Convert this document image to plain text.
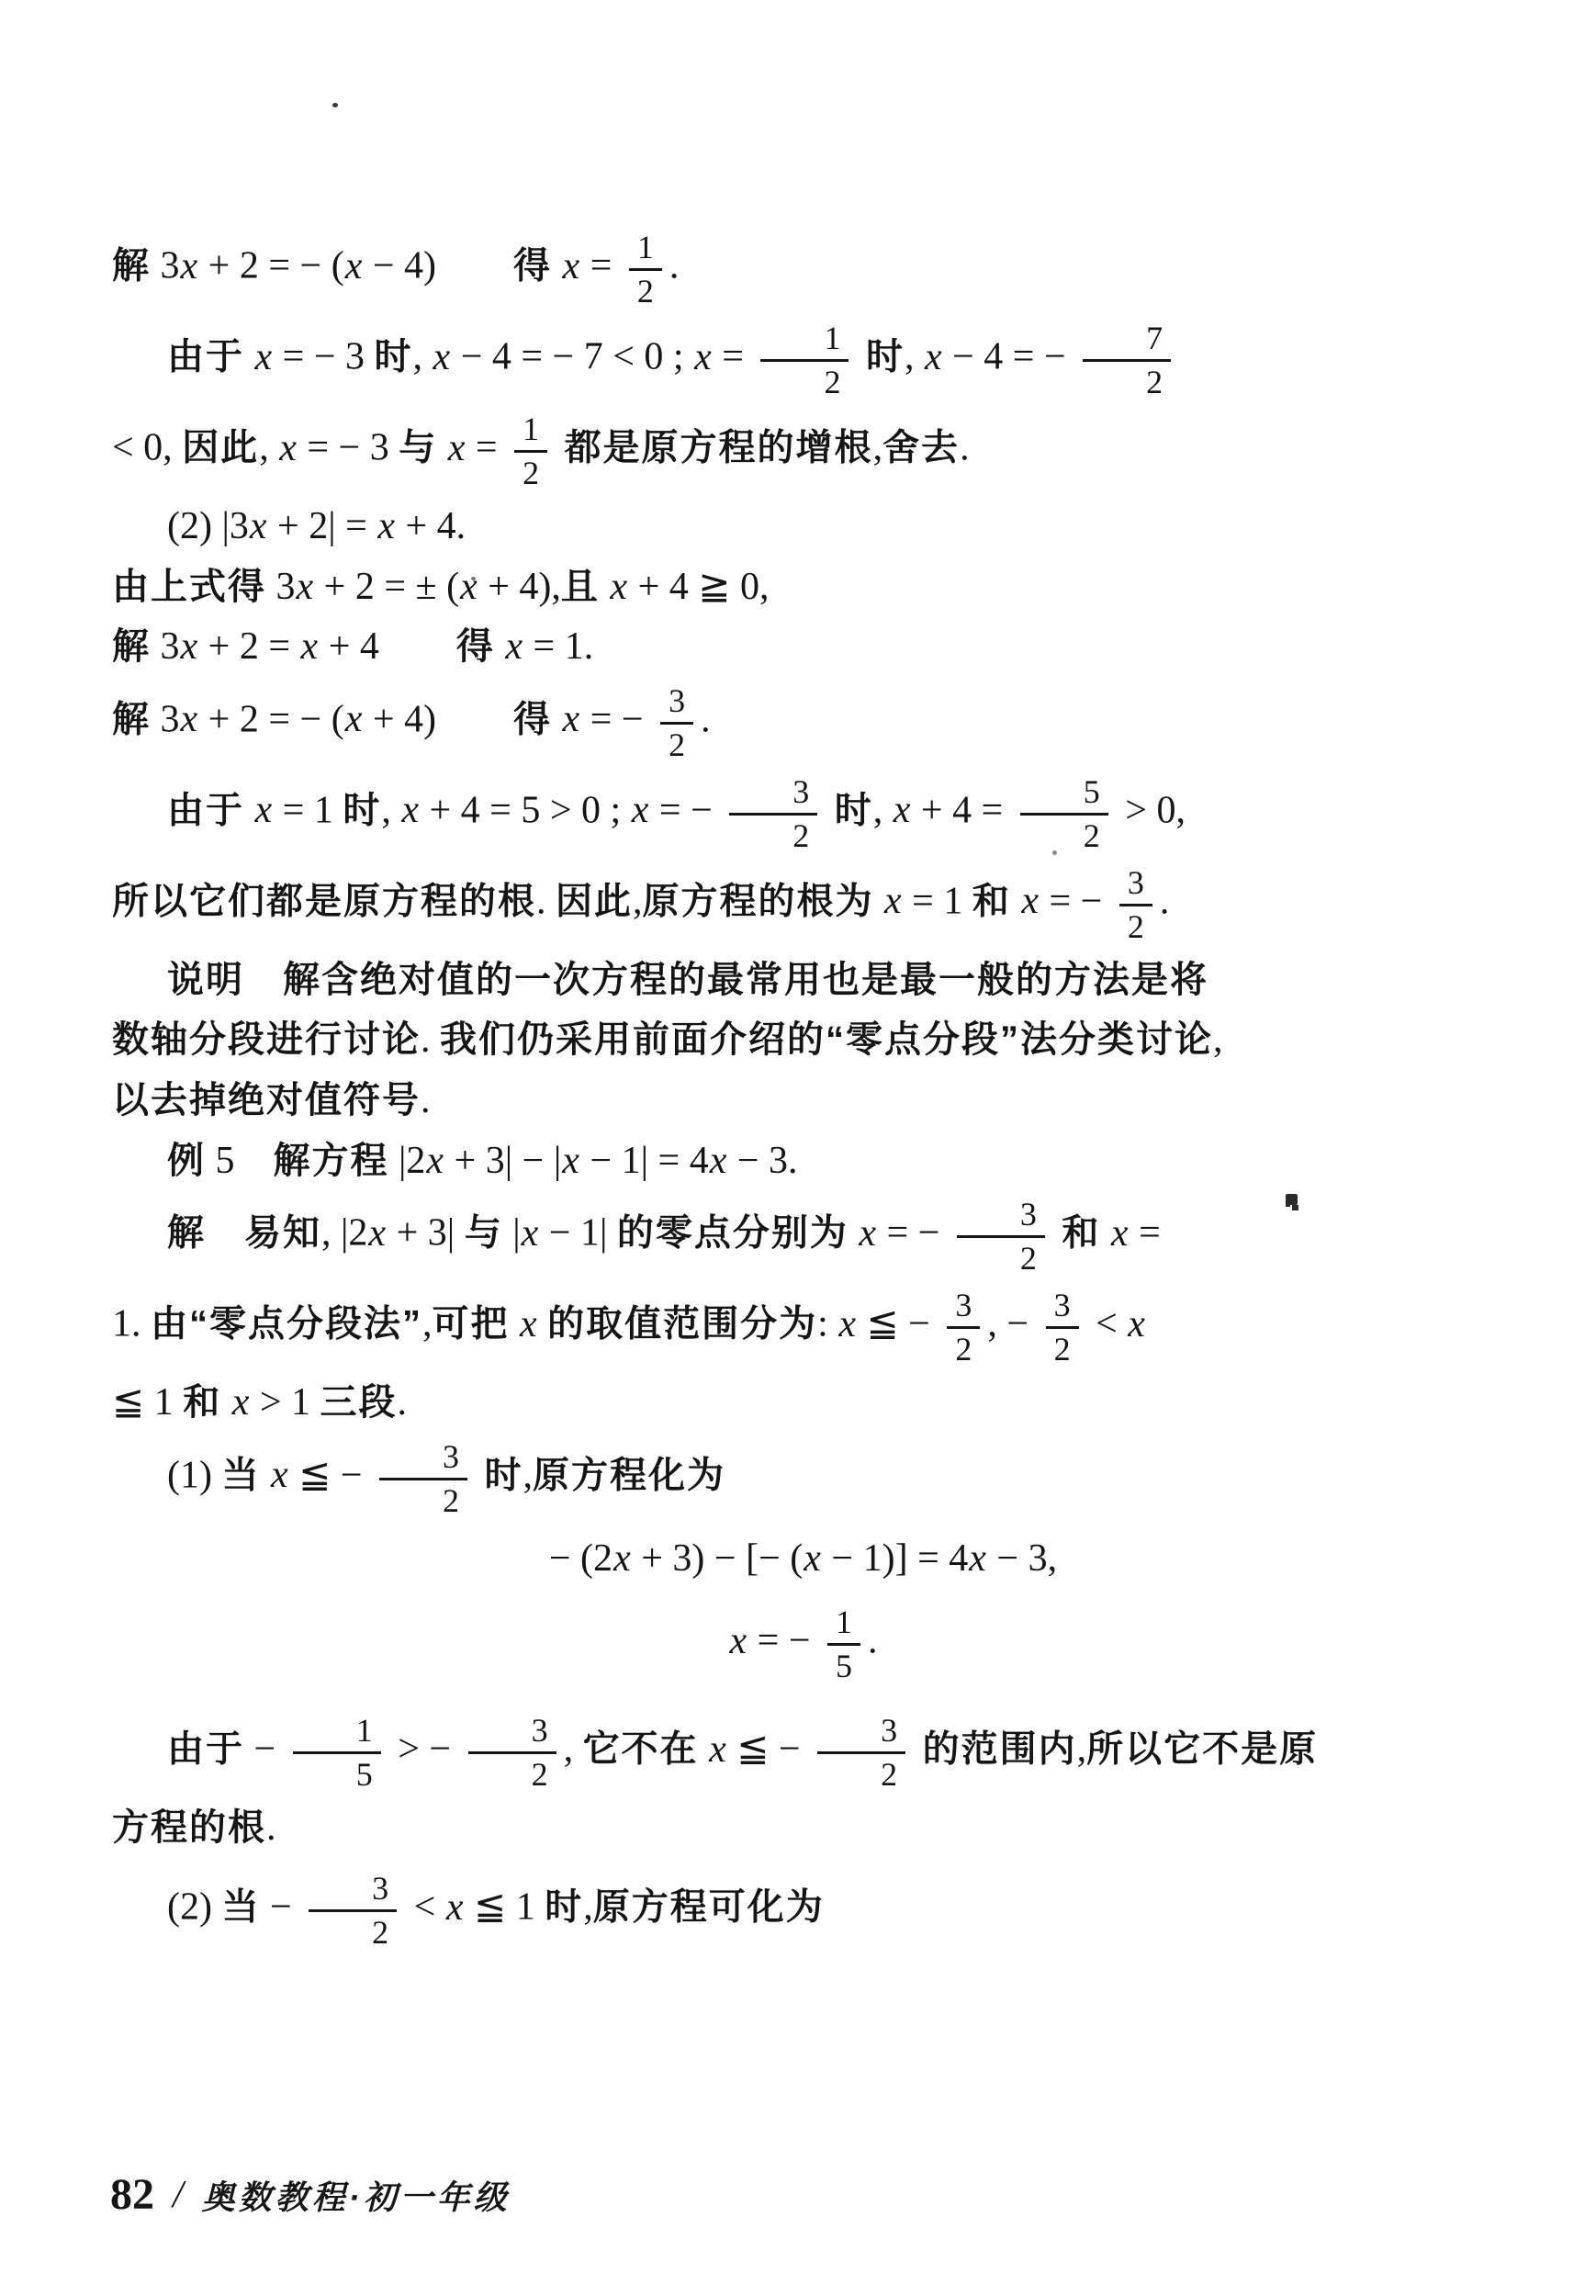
解 3x + 2 = − (x − 4)　　得 $x = \frac{1}{2}$ .
由于 x = − 3 时, x − 4 = − 7 < 0 ; $x = \frac{1}{2}$ 时, x − 4 = − $\frac{7}{2}$
< 0, 因此, x = − 3 与 $x = \frac{1}{2}$ 都是原方程的增根,舍去.
(2) |3x + 2| = x + 4.
由上式得 3x + 2 = ± (x + 4),且 x + 4 ≧ 0,
解 3x + 2 = x + 4　　得 x = 1.
解 3x + 2 = − (x + 4)　　得 x = − $\frac{3}{2}$ .
由于 x = 1 时, x + 4 = 5 > 0 ; x = − $\frac{3}{2}$ 时, $x + 4 = \frac{5}{2} > 0$,
所以它们都是原方程的根. 因此,原方程的根为 x = 1 和 x = − $\frac{3}{2}$ .
说明　解含绝对值的一次方程的最常用也是最一般的方法是将
数轴分段进行讨论. 我们仍采用前面介绍的“零点分段”法分类讨论,
以去掉绝对值符号.
例 5　解方程 |2x + 3| − |x − 1| = 4x − 3.
解　易知, |2x + 3| 与 |x − 1| 的零点分别为 x = − $\frac{3}{2}$ 和 x =
1. 由“零点分段法”,可把 x 的取值范围分为: x ≦ − $\frac{3}{2}$ , − $\frac{3}{2} < x$
≦ 1 和 x > 1 三段.
(1) 当 x ≦ − $\frac{3}{2}$ 时,原方程化为
− (2x + 3) − [− (x − 1)] = 4x − 3,
x = − $\frac{1}{5}$ .
由于 − $\frac{1}{5}$ > − $\frac{3}{2}$ , 它不在 x ≦ − $\frac{3}{2}$ 的范围内,所以它不是原
方程的根.
(2) 当 − $\frac{3}{2} < x$ ≦ 1 时,原方程可化为
82 / 奥数教程·初一年级
